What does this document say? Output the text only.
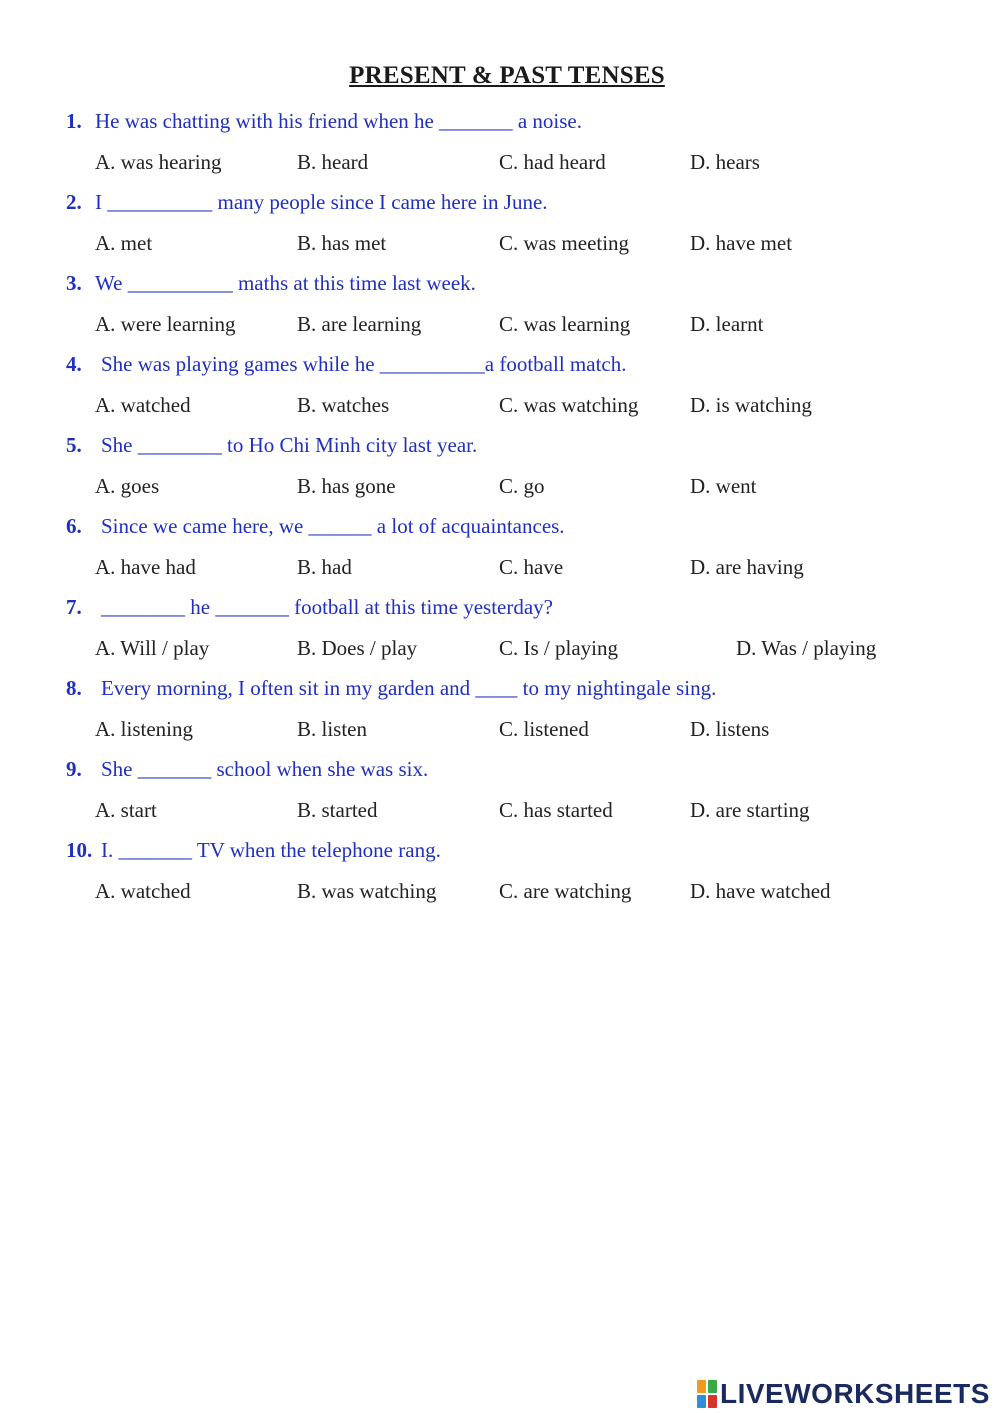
PRESENT & PAST TENSES
1. He was chatting with his friend when he _______ a noise.
A. was hearing	B. heard	C. had heard	D. hears
2. I __________ many people since I came here in June.
A. met	B. has met	C. was meeting	D. have met
3. We __________ maths at this time last week.
A. were learning	B. are learning	C. was learning	D. learnt
4. She was playing games while he __________a football match.
A. watched	B. watches	C. was watching D. is watching
5. She ________ to Ho Chi Minh city last year.
A. goes	B. has gone	C. go	D. went
6. Since we came here, we ______ a lot of acquaintances.
A. have had	B. had	C. have	D. are having
7. ________ he _______ football at this time yesterday?
A. Will / play	B. Does / play	C. Is / playing	D. Was / playing
8. Every morning, I often sit in my garden and ____ to my nightingale sing.
A. listening	B. listen	C. listened	D. listens
9. She _______ school when she was six.
A. start	B. started	C. has started	D. are starting
10. I. _______ TV when the telephone rang.
A. watched	B. was watching	C. are watching	D. have watched
LIVEWORKSHEETS
